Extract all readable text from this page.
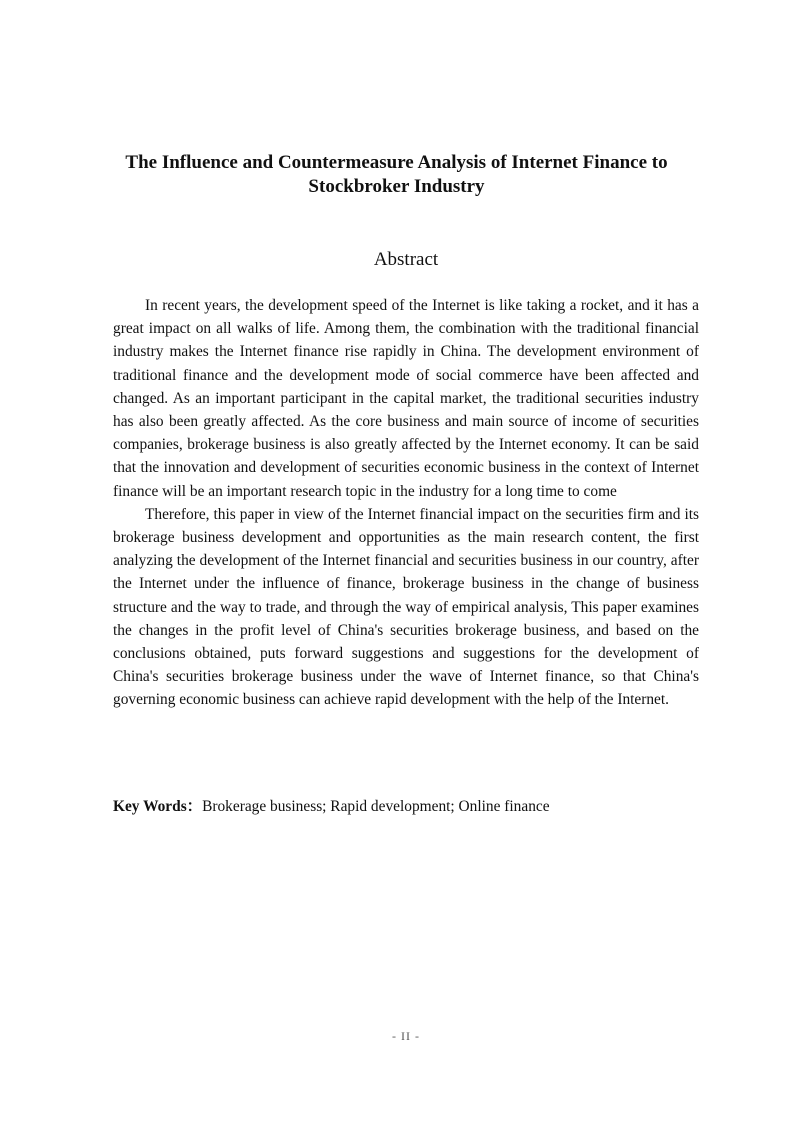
The Influence and Countermeasure Analysis of Internet Finance to
Stockbroker Industry
Abstract

In recent years, the development speed of the Internet is like taking a rocket, and it has a great impact on all walks of life. Among them, the combination with the traditional financial industry makes the Internet finance rise rapidly in China. The development environment of traditional finance and the development mode of social commerce have been affected and changed. As an important participant in the capital market, the traditional securities industry has also been greatly affected. As the core business and main source of income of securities companies, brokerage business is also greatly affected by the Internet economy. It can be said that the innovation and development of securities economic business in the context of Internet finance will be an important research topic in the industry for a long time to come

Therefore, this paper in view of the Internet financial impact on the securities firm and its brokerage business development and opportunities as the main research content, the first analyzing the development of the Internet financial and securities business in our country, after the Internet under the influence of finance, brokerage business in the change of business structure and the way to trade, and through the way of empirical analysis, This paper examines the changes in the profit level of China's securities brokerage business, and based on the conclusions obtained, puts forward suggestions and suggestions for the development of China's securities brokerage business under the wave of Internet finance, so that China's governing economic business can achieve rapid development with the help of the Internet.

Key Words：Brokerage business; Rapid development; Online finance
- II -
